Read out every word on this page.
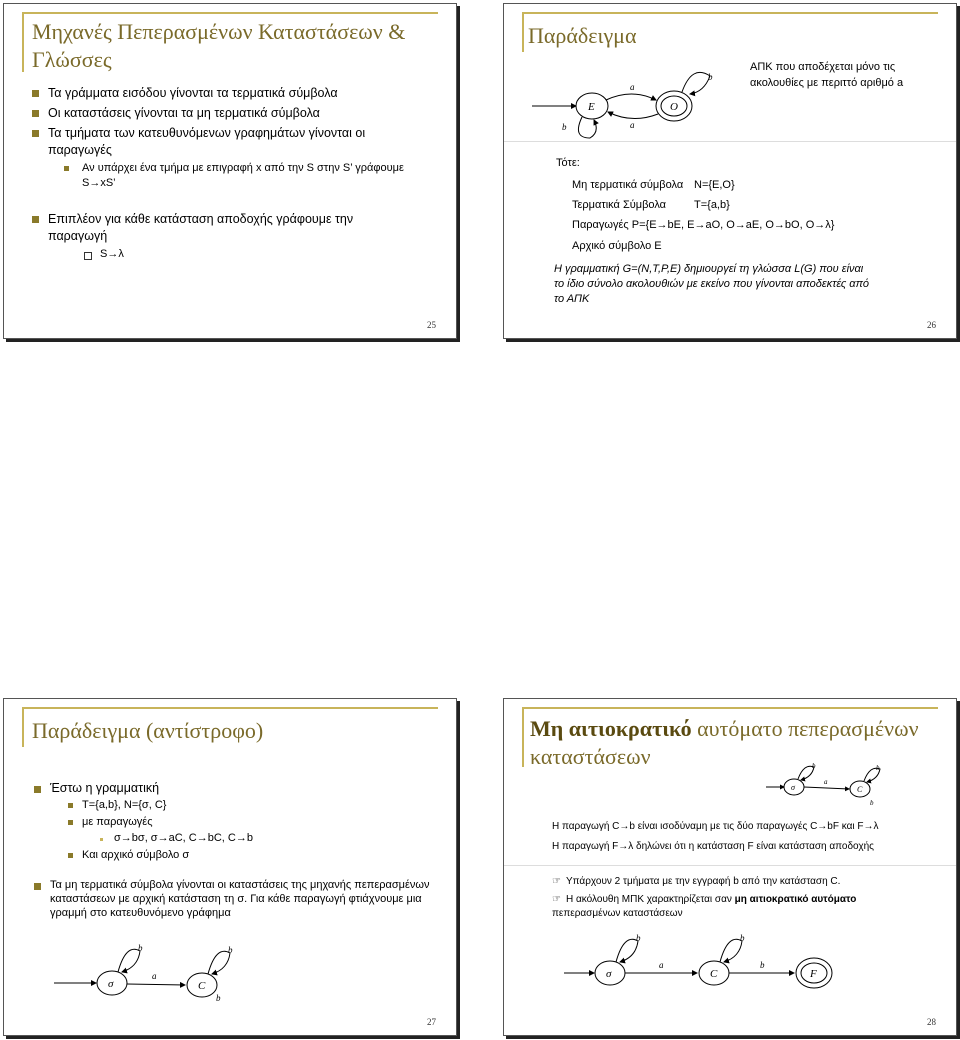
Μηχανές Πεπερασμένων Καταστάσεων & Γλώσσες
Τα γράμματα εισόδου γίνονται τα τερματικά σύμβολα
Οι καταστάσεις γίνονται τα μη τερματικά σύμβολα
Τα τμήματα των κατευθυνόμενων γραφημάτων γίνονται οι
παραγωγές
Αν υπάρχει ένα τμήμα με επιγραφή x από την S στην S’ γράφουμε
S→xS’
Επιπλέον για κάθε κατάσταση αποδοχής γράφουμε την
παραγωγή
S→λ
25
Παράδειγμα
E	O
a
a
b
b
ΑΠΚ που αποδέχεται μόνο τις
ακολουθίες με περιττό αριθμό a
Τότε:
Μη τερματικά σύμβολα N={E,O}
Τερματικά Σύμβολα	T={a,b}
Παραγωγές P={E→bE, E→aO, O→aE, O→bO, O→λ}
Αρχικό σύμβολο E
Η γραμματική G=(N,T,P,E) δημιουργεί τη γλώσσα L(G) που είναι
το ίδιο σύνολο ακολουθιών με εκείνο που γίνονται αποδεκτές από
το ΑΠΚ
26
Παράδειγμα (αντίστροφο)
Έστω η γραμματική
T={a,b}, N={σ, C}
με παραγωγές
σ→bσ, σ→aC, C→bC, C→b
Και αρχικό σύμβολο σ
Τα μη τερματικά σύμβολα γίνονται οι καταστάσεις της μηχανής πεπερασμένων
καταστάσεων με αρχική κατάσταση τη σ. Για κάθε παραγωγή φτιάχνουμε μια
γραμμή στο κατευθυνόμενο γράφημα
σ	C
a
b	b
b
27
Μη αιτιοκρατικό αυτόματο πεπερασμένων
καταστάσεων
σ	C
a
b	b
b
Η παραγωγή C→b είναι ισοδύναμη με τις δύο παραγωγές C→bF και F→λ
Η παραγωγή F→λ δηλώνει ότι η κατάσταση F είναι κατάσταση αποδοχής
☞ Υπάρχουν 2 τμήματα με την εγγραφή b από την κατάσταση C.
☞ Η ακόλουθη ΜΠΚ χαρακτηρίζεται σαν μη αιτιοκρατικό αυτόματο
πεπερασμένων καταστάσεων
σ	C	F
a	b
b	b
28
